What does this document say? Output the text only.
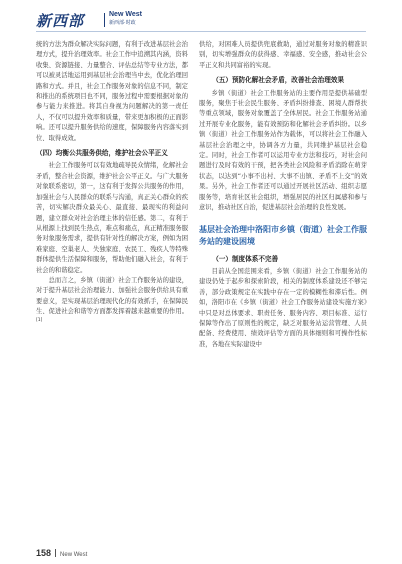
新西部	New West
新西部·时政

统的方法为群众解决实际问题，有利于改进基层社会治理方式，提升治理效率。社会工作中追溯其内涵，资料收集、资源链接、力量整合、评估总结等专业方法，都可以被灵活地运用到基层社会治理当中去，优化治理回路和方式。并且，社会工作服务对象的信息不同，制定和推出的系统项目也不同，服务过程中需要根据对象的参与能力来推进。将其自身视为问题解决的第一责任人，不仅可以提升效率和质量，带来更加积极的正面影响。还可以提升服务供给的速度，保障服务内容落实到位、取得成效。

（四）均衡公共服务供给，维护社会公平正义

社会工作服务可以有效地疏导民众情绪，化解社会矛盾，整合社会资源，维护社会公平正义。与广大服务对象联系密切，第一，这有利于发挥公共服务的作用，加强社会与人民群众的联系与沟通，真正关心群众的疾苦，切实解决群众最关心、最直接、最现实的利益问题，建立群众对社会治理主体的信任感。第二，有利于从根源上找到民生热点，难点和痛点，真正精准服务服务对象服务需求，提供有针对性的解决方案，例如为困难家庭、空巢老人、失独家庭、农民工、残疾人等特殊群体提供生活保障和服务，帮助他们融入社会，有利于社会的和谐稳定。

总而言之，乡镇（街道）社会工作服务站的建设，对于提升基层社会治理能力、加强社会服务供给具有重要意义，是实现基层治理现代化的有效抓手，在保障民生、促进社会和谐等方面都发挥着越来越重要的作用。[1]

供给，对困难人员提供兜底救助，通过对服务对象的精准识别，切实增强群众的获得感、幸福感、安全感，推动社会公平正义和共同富裕的实现。

（五）预防化解社会矛盾，改善社会治理效果

乡镇（街道）社会工作服务站的主要作用是提供基础型服务，聚焦于社会民生服务、矛盾纠纷排查、困境人群帮扶等重点领域，服务对象覆盖了全体居民。社会工作服务站通过开展专业化服务，能有效预防和化解社会矛盾纠纷。以乡镇（街道）社会工作服务站作为载体，可以将社会工作融入基层社会治理之中，协调各方力量，共同维护基层社会稳定。同时，社会工作者可以运用专业方法和技巧，对社会问题进行及时有效的干预，把各类社会风险和矛盾消除在萌芽状态，以达到“小事不出村、大事不出镇、矛盾不上交”的效果。另外，社会工作者还可以通过开展社区活动、组织志愿服务等，培育社区社会组织，增强居民的社区归属感和参与意识，推动社区自治，促进基层社会治理的良性发展。

基层社会治理中洛阳市乡镇（街道）社会工作服务站的建设困境

（一）制度体系不完善

目前从全国范围来看，乡镇（街道）社会工作服务站的建设仍处于起步和探索阶段，相关的制度体系建设还不够完善，部分政策规定在实践中存在一定的模糊性和滞后性。例如，洛阳市在《乡镇（街道）社会工作服务站建设实施方案》中只是对总体要求、职责任务、服务内容、项目标准、运行保障等作出了原则性的规定，缺乏对服务站运营管理、人员配备、经费使用、绩效评估等方面的具体细则和可操作性标准，各地在实际建设中

158 New West
